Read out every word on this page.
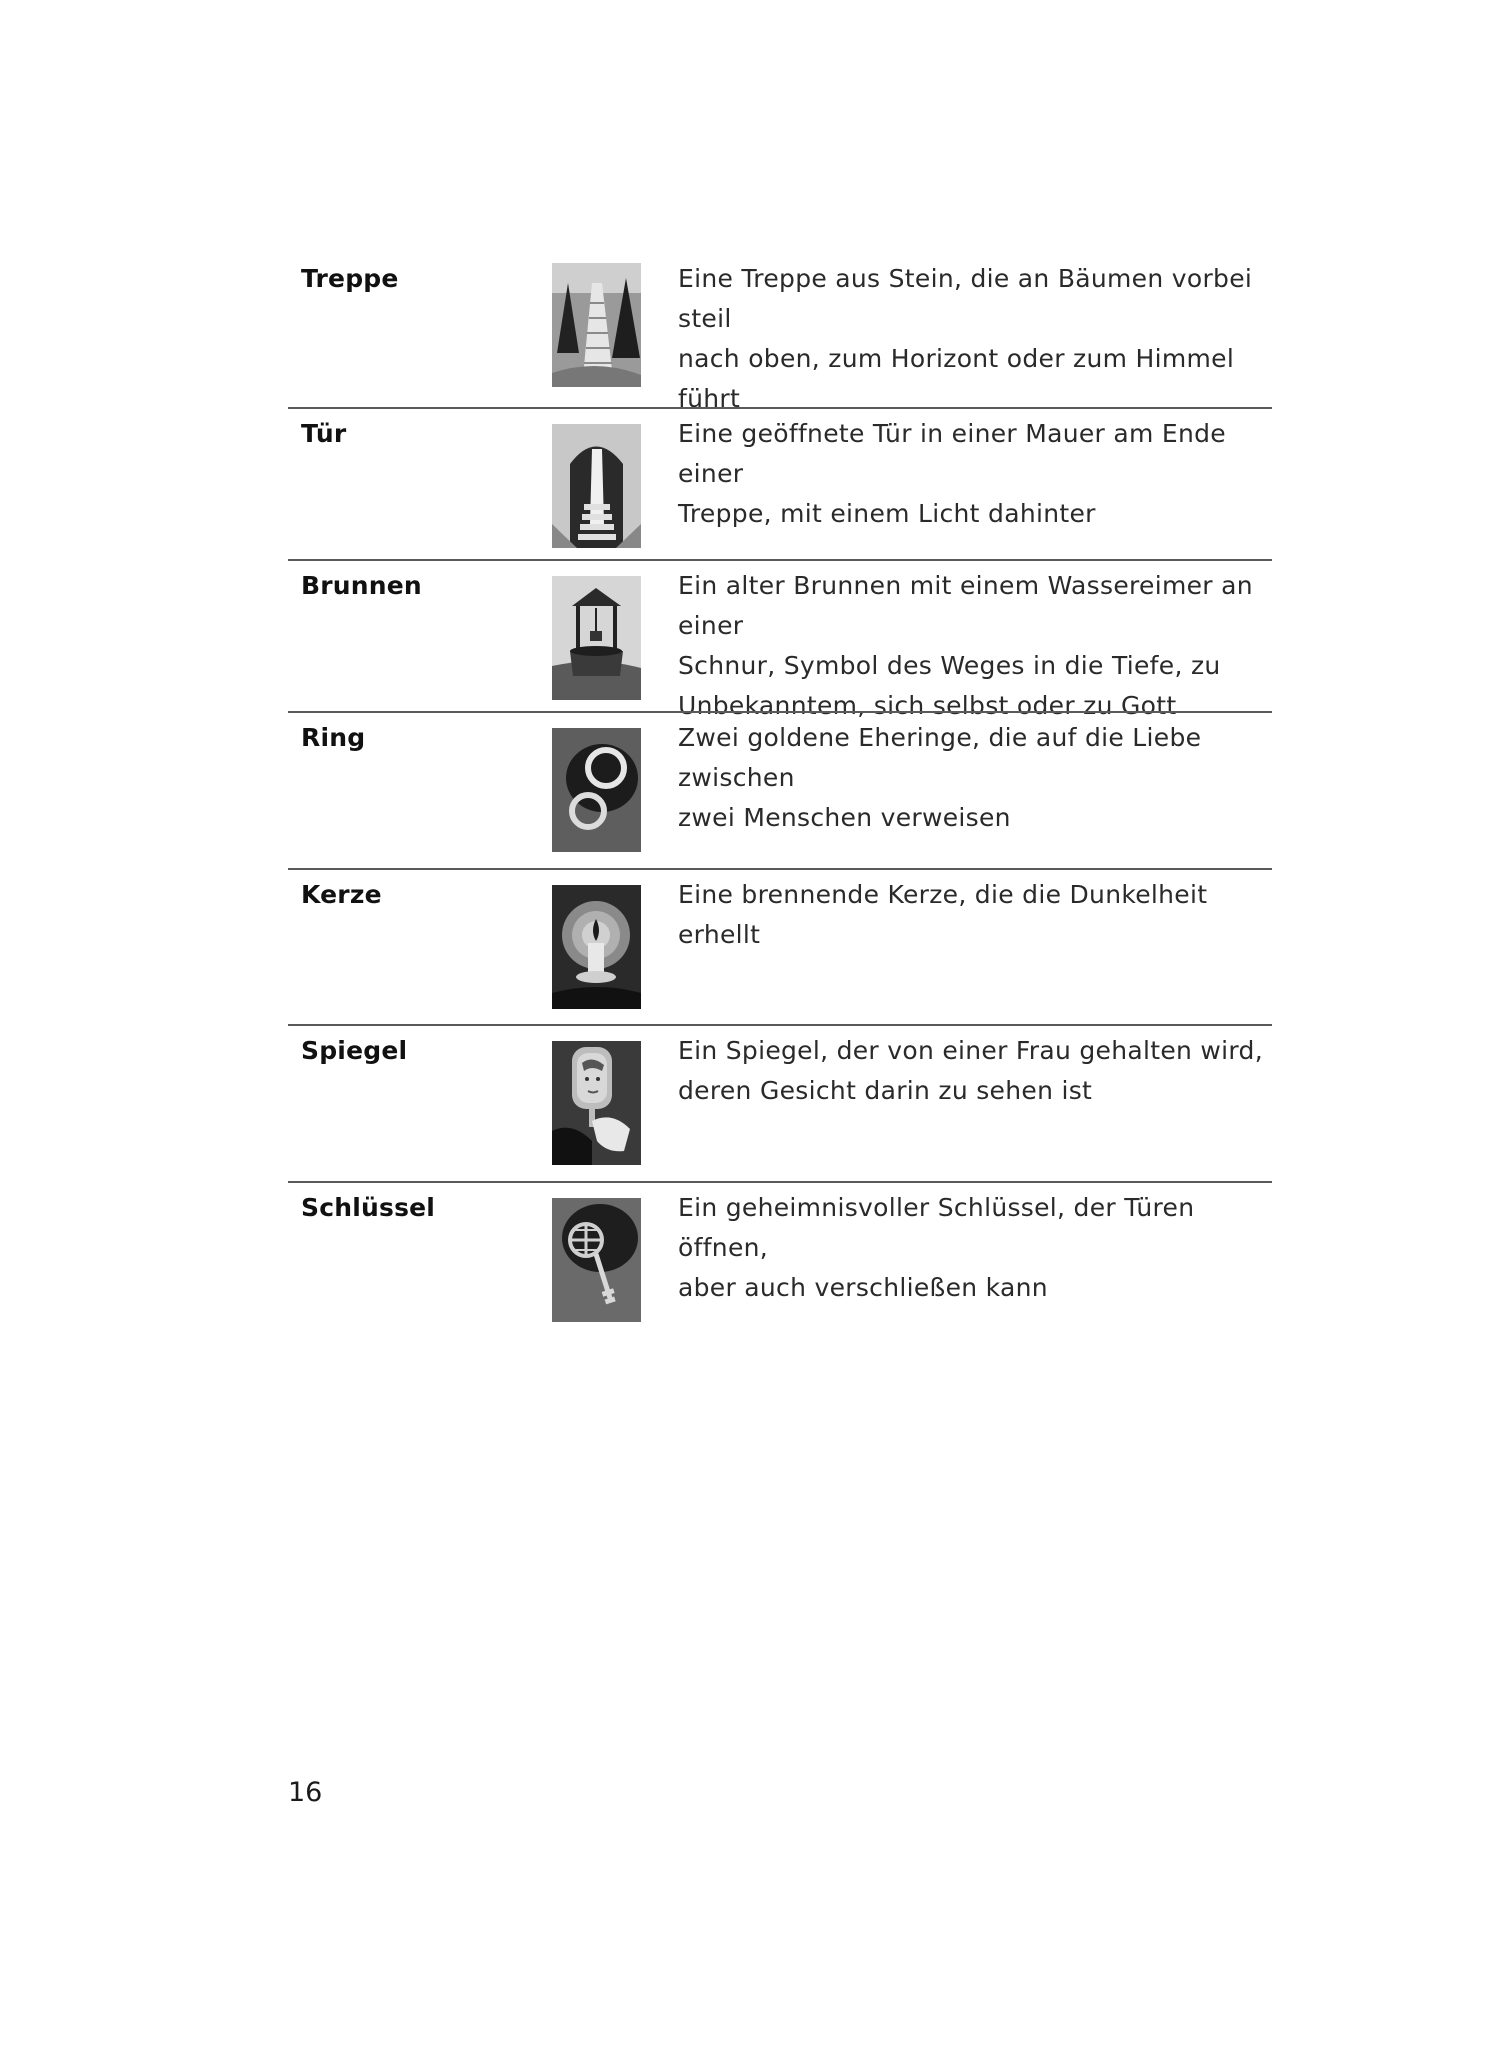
Treppe	Eine Treppe aus Stein, die an Bäumen vorbei steil
nach oben, zum Horizont oder zum Himmel führt
Tür	Eine geöffnete Tür in einer Mauer am Ende einer
Treppe, mit einem Licht dahinter
Brunnen	Ein alter Brunnen mit einem Wassereimer an einer
Schnur, Symbol des Weges in die Tiefe, zu
Unbekanntem, sich selbst oder zu Gott
Ring	Zwei goldene Eheringe, die auf die Liebe zwischen
zwei Menschen verweisen
Kerze	Eine brennende Kerze, die die Dunkelheit erhellt
Spiegel	Ein Spiegel, der von einer Frau gehalten wird,
deren Gesicht darin zu sehen ist
Schlüssel	Ein geheimnisvoller Schlüssel, der Türen öffnen,
aber auch verschließen kann
16
